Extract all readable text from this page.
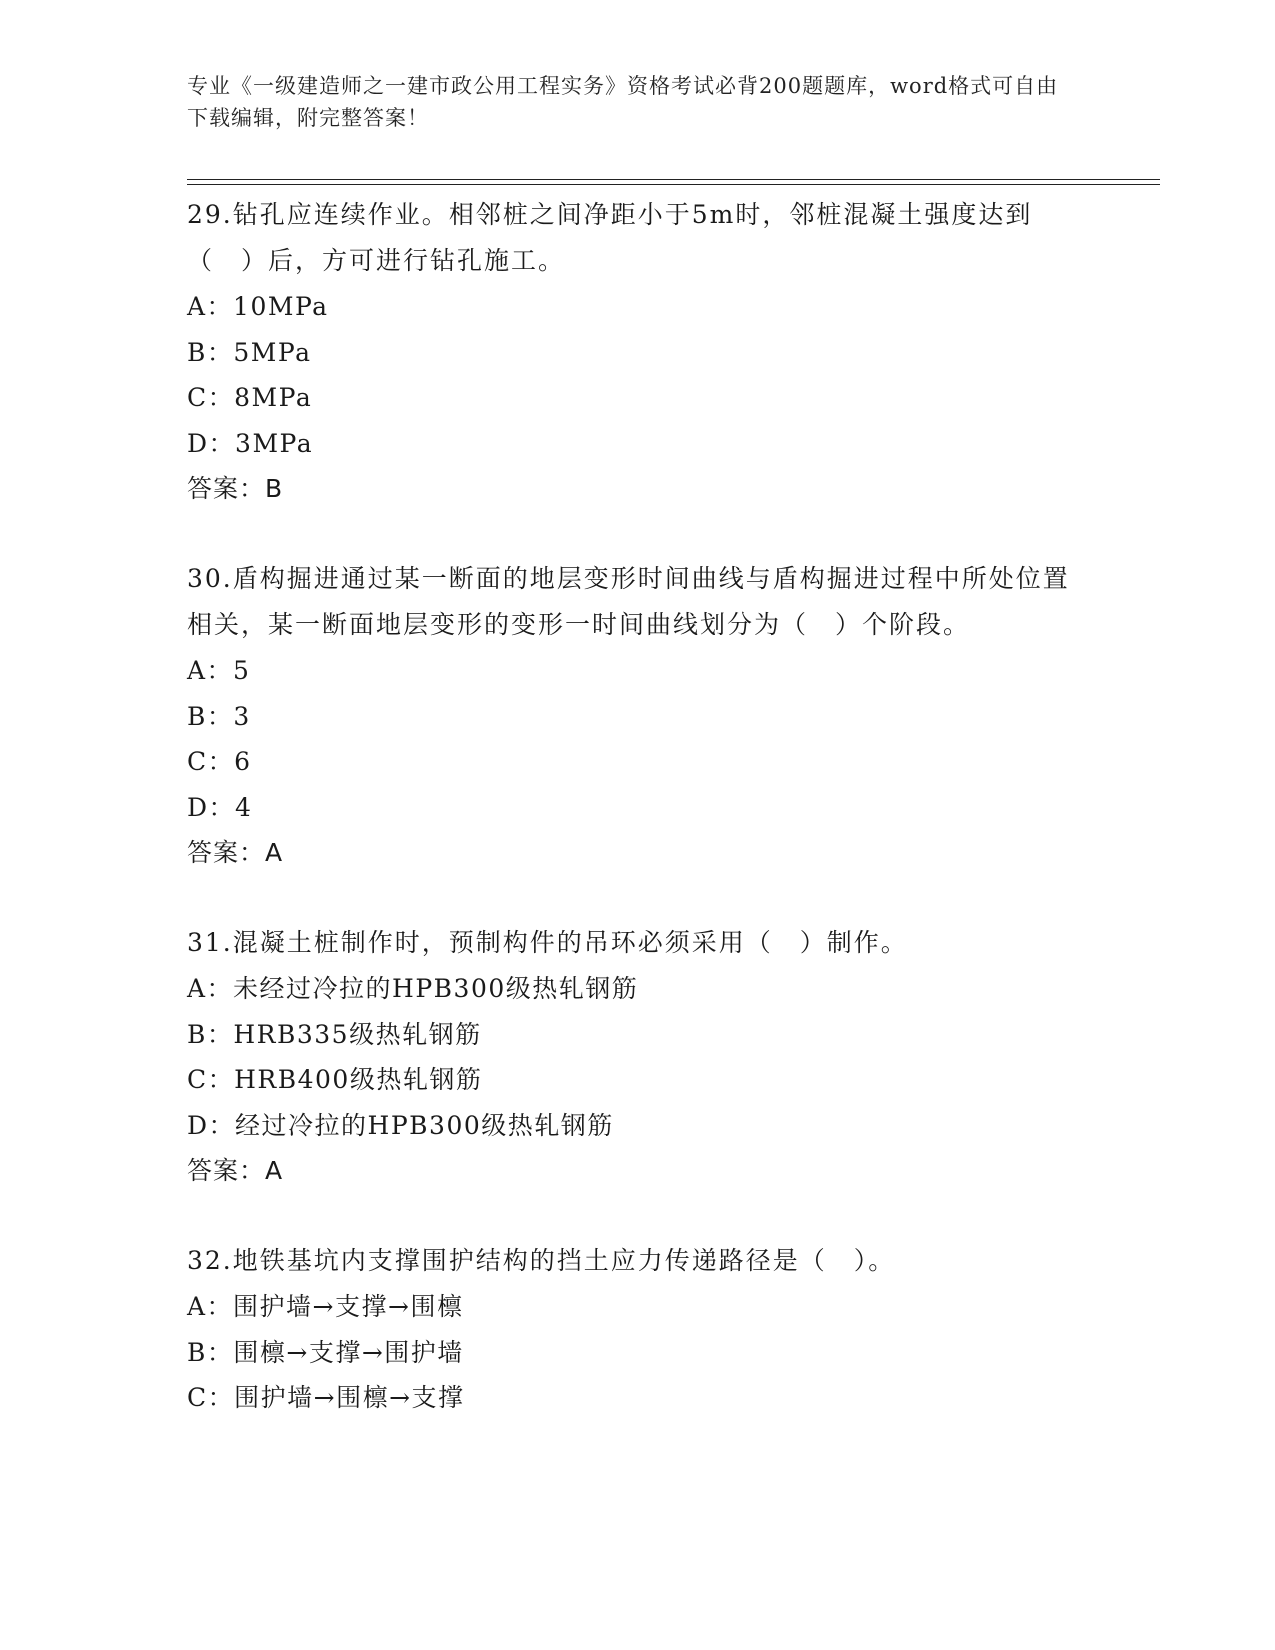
专业《一级建造师之一建市政公用工程实务》资格考试必背200题题库，word格式可自由下载编辑，附完整答案！

29.钻孔应连续作业。相邻桩之间净距小于5m时，邻桩混凝土强度达到（　）后，方可进行钻孔施工。

A：10MPa

B：5MPa

C：8MPa

D：3MPa

答案：B

30.盾构掘进通过某一断面的地层变形时间曲线与盾构掘进过程中所处位置相关，某一断面地层变形的变形一时间曲线划分为（　）个阶段。

A：5

B：3

C：6

D：4

答案：A

31.混凝土桩制作时，预制构件的吊环必须采用（　）制作。

A：未经过冷拉的HPB300级热轧钢筋

B：HRB335级热轧钢筋

C：HRB400级热轧钢筋

D：经过冷拉的HPB300级热轧钢筋

答案：A

32.地铁基坑内支撑围护结构的挡土应力传递路径是（　）。

A：围护墙→支撑→围檩

B：围檩→支撑→围护墙

C：围护墙→围檩→支撑
